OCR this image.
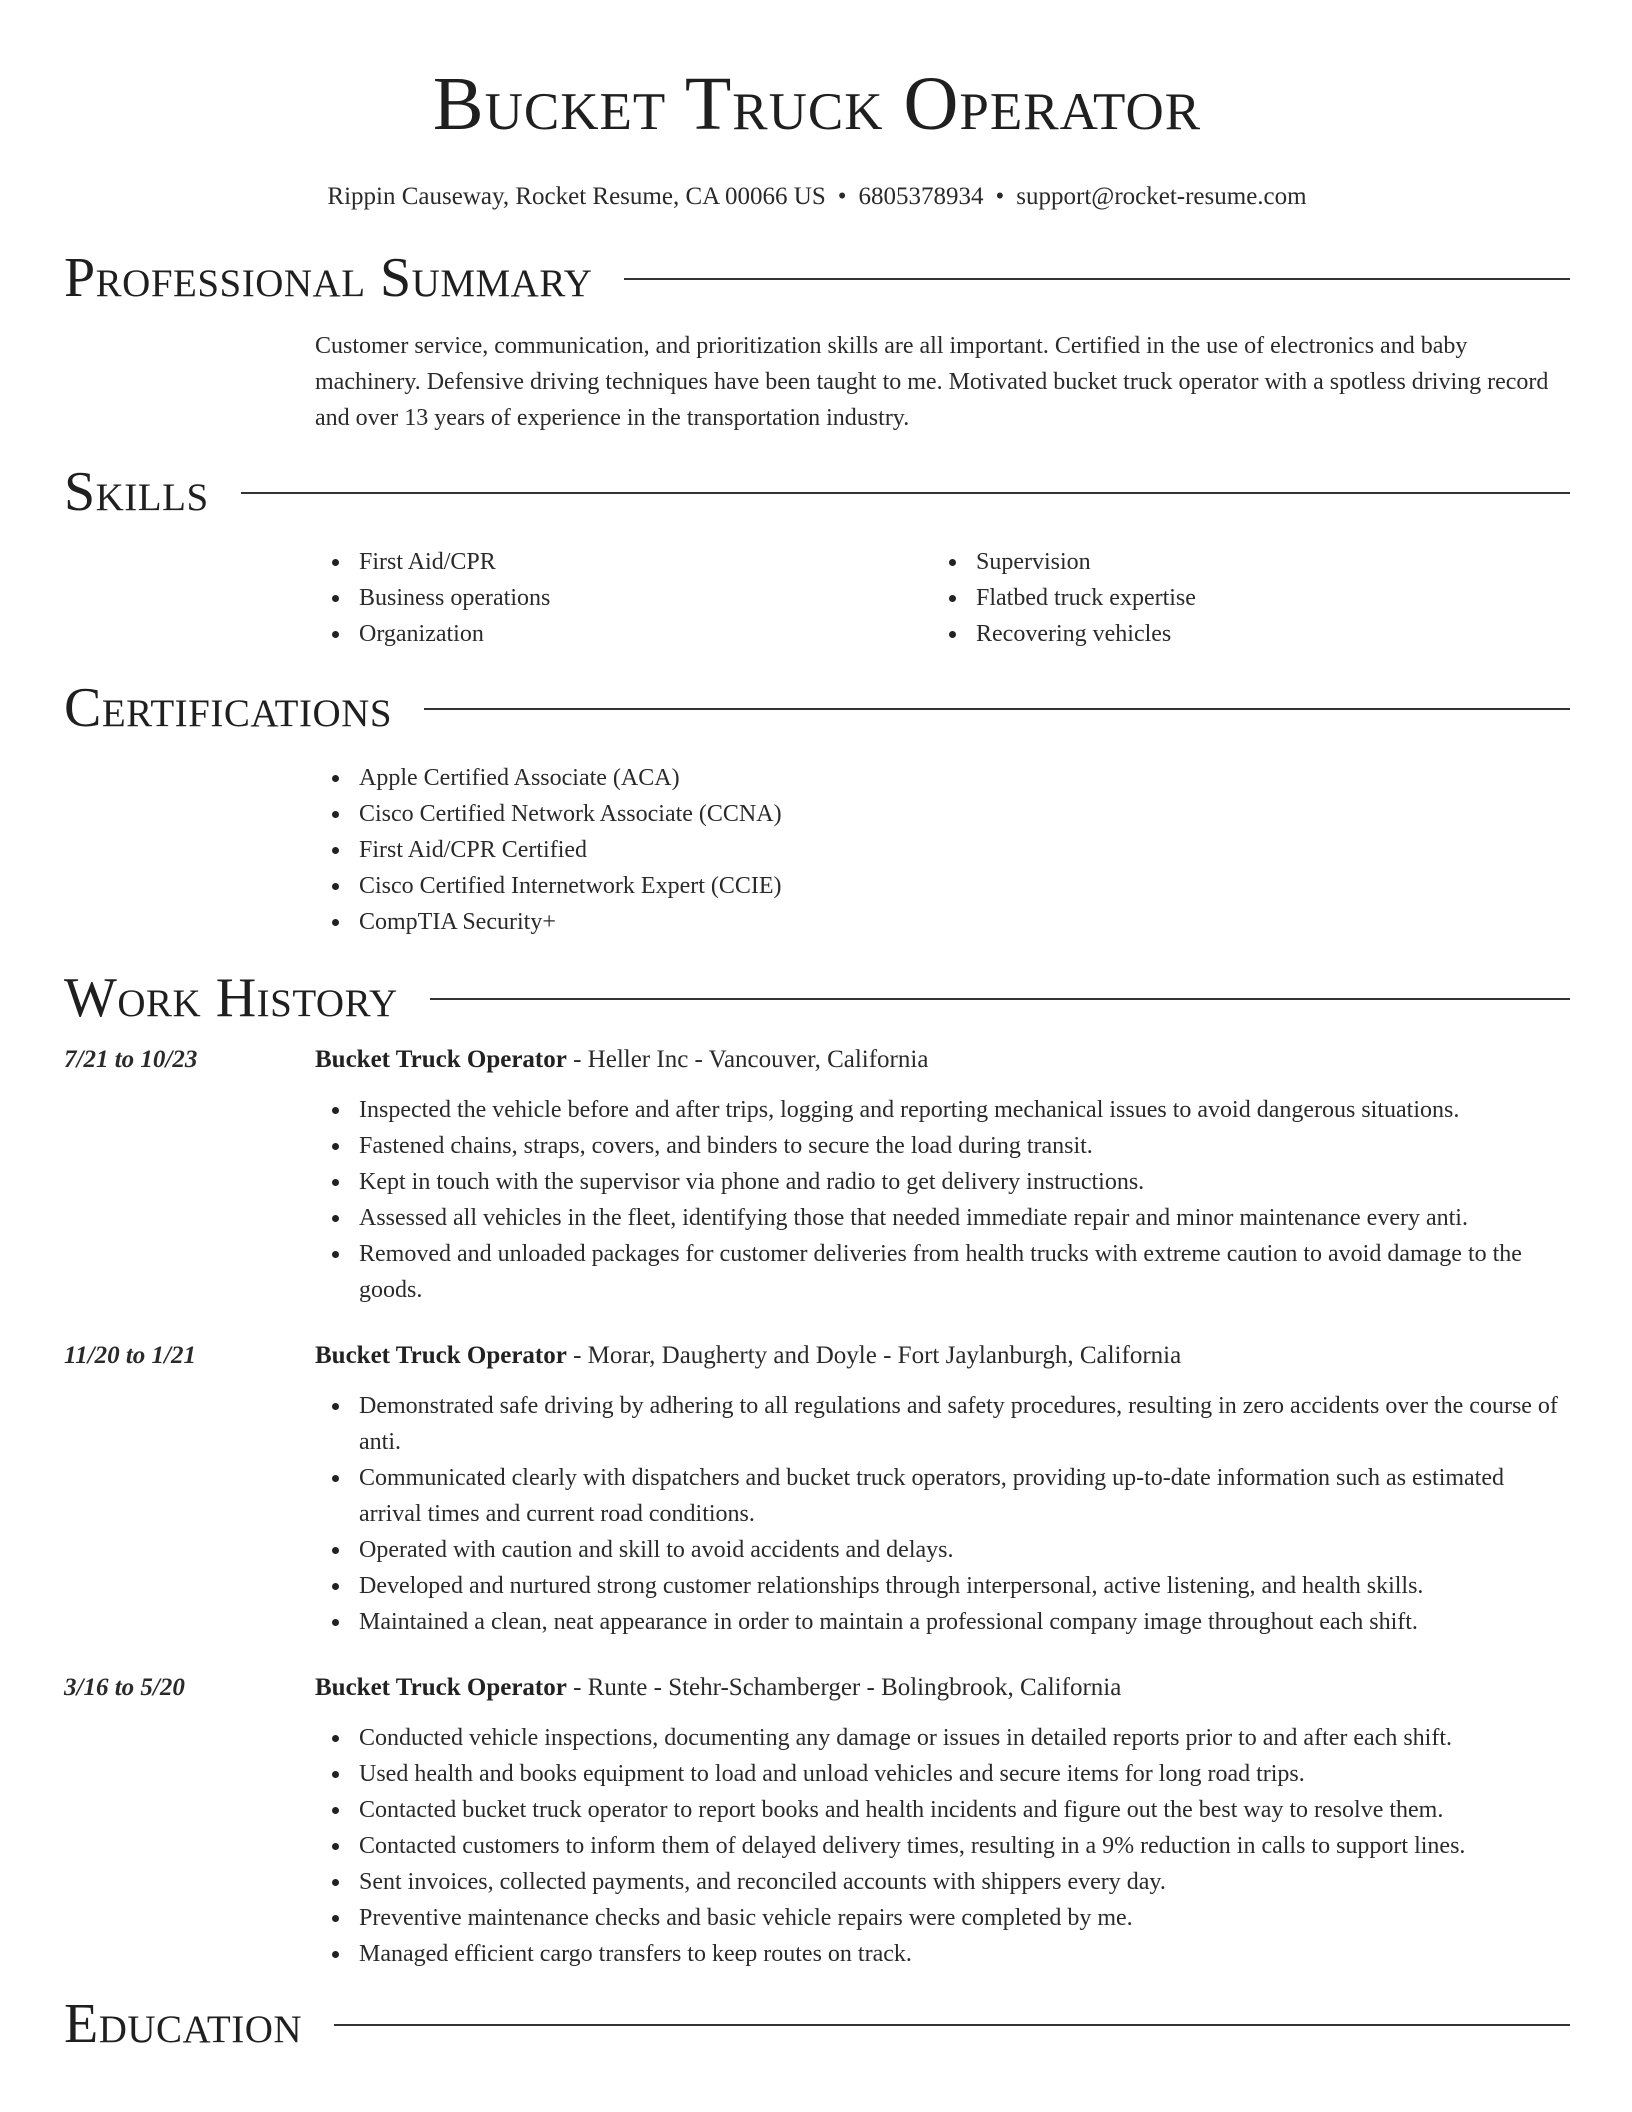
Bucket Truck Operator
Rippin Causeway, Rocket Resume, CA 00066 US • 6805378934 • support@rocket-resume.com
Professional Summary

Customer service, communication, and prioritization skills are all important. Certified in the use of electronics and baby machinery. Defensive driving techniques have been taught to me. Motivated bucket truck operator with a spotless driving record and over 13 years of experience in the transportation industry.

Skills
First Aid/CPR
Business operations
Organization
Supervision
Flatbed truck expertise
Recovering vehicles
Certifications
Apple Certified Associate (ACA)
Cisco Certified Network Associate (CCNA)
First Aid/CPR Certified
Cisco Certified Internetwork Expert (CCIE)
CompTIA Security+
Work History
7/21 to 10/23	Bucket Truck Operator - Heller Inc - Vancouver, California
Inspected the vehicle before and after trips, logging and reporting mechanical issues to avoid dangerous situations.
Fastened chains, straps, covers, and binders to secure the load during transit.
Kept in touch with the supervisor via phone and radio to get delivery instructions.
Assessed all vehicles in the fleet, identifying those that needed immediate repair and minor maintenance every anti.
Removed and unloaded packages for customer deliveries from health trucks with extreme caution to avoid damage to the goods.
11/20 to 1/21	Bucket Truck Operator - Morar, Daugherty and Doyle - Fort Jaylanburgh, California
Demonstrated safe driving by adhering to all regulations and safety procedures, resulting in zero accidents over the course of anti.
Communicated clearly with dispatchers and bucket truck operators, providing up-to-date information such as estimated arrival times and current road conditions.
Operated with caution and skill to avoid accidents and delays.
Developed and nurtured strong customer relationships through interpersonal, active listening, and health skills.
Maintained a clean, neat appearance in order to maintain a professional company image throughout each shift.
3/16 to 5/20	Bucket Truck Operator - Runte - Stehr-Schamberger - Bolingbrook, California
Conducted vehicle inspections, documenting any damage or issues in detailed reports prior to and after each shift.
Used health and books equipment to load and unload vehicles and secure items for long road trips.
Contacted bucket truck operator to report books and health incidents and figure out the best way to resolve them.
Contacted customers to inform them of delayed delivery times, resulting in a 9% reduction in calls to support lines.
Sent invoices, collected payments, and reconciled accounts with shippers every day.
Preventive maintenance checks and basic vehicle repairs were completed by me.
Managed efficient cargo transfers to keep routes on track.
Education
